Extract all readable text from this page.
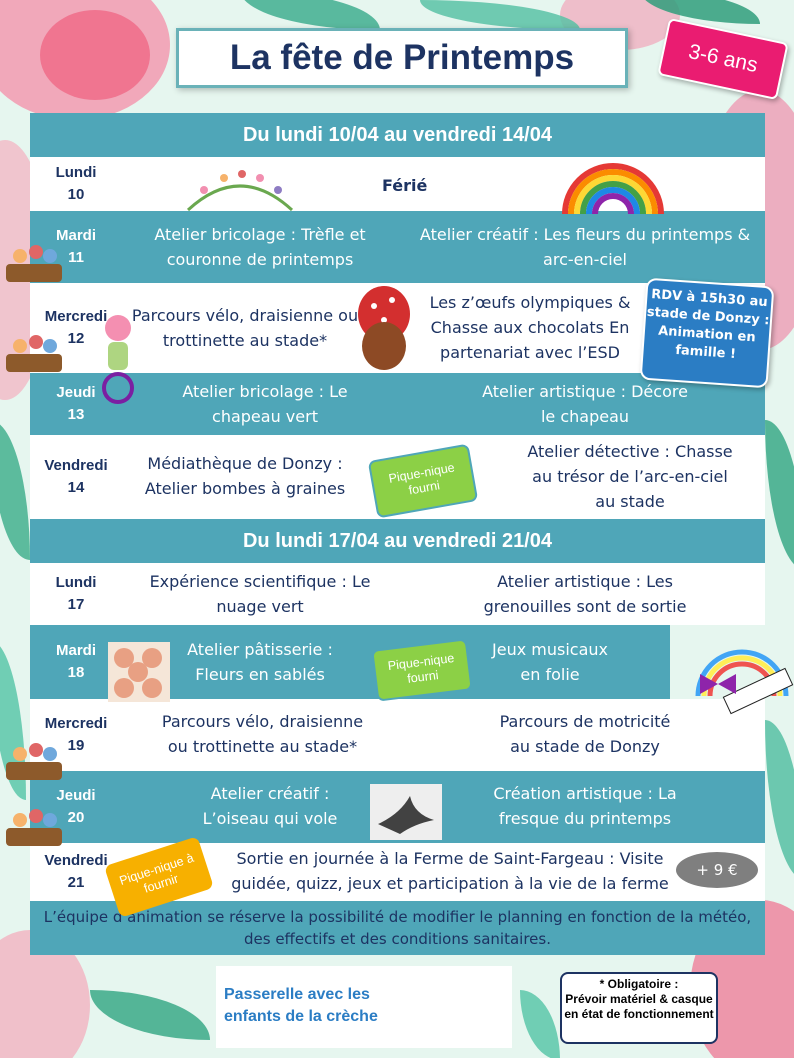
La fête de Printemps	3-6 ans
Du lundi 10/04 au vendredi 14/04
Lundi
10	Férié
Mardi
11
Atelier bricolage : Trèfle et couronne de printemps
Atelier créatif : Les fleurs du printemps & arc-en-ciel
Mercredi
12
Parcours vélo, draisienne ou trottinette au stade*
Les z’œufs olympiques & Chasse aux chocolats En partenariat avec l’ESD
Jeudi
13
Atelier bricolage : Le chapeau vert
Atelier artistique : Décore le chapeau
Vendredi
14
Médiathèque de Donzy : Atelier bombes à graines
Atelier détective : Chasse au trésor de l’arc-en-ciel au stade
Du lundi 17/04 au vendredi 21/04
Lundi
17
Expérience scientifique : Le nuage vert
Atelier artistique : Les grenouilles sont de sortie
Mardi
18
Atelier pâtisserie : Fleurs en sablés
Jeux musicaux en folie
Mercredi
19
Parcours vélo, draisienne ou trottinette au stade*
Parcours de motricité au stade de Donzy
Jeudi
20
Atelier créatif : L’oiseau qui vole
Création artistique : La fresque du printemps
Vendredi
21
Sortie en journée à la Ferme de Saint-Fargeau : Visite guidée, quizz, jeux et participation à la vie de la ferme
L’équipe d’animation se réserve la possibilité de modifier le planning en fonction de la météo, des effectifs et des conditions sanitaires.
RDV à 15h30 au stade de Donzy : Animation en famille !
Pique-nique fourni
Pique-nique fourni
Pique-nique à fournir
+ 9 €
Passerelle avec les enfants de la crèche
* Obligatoire :
Prévoir matériel & casque en état de fonctionnement
